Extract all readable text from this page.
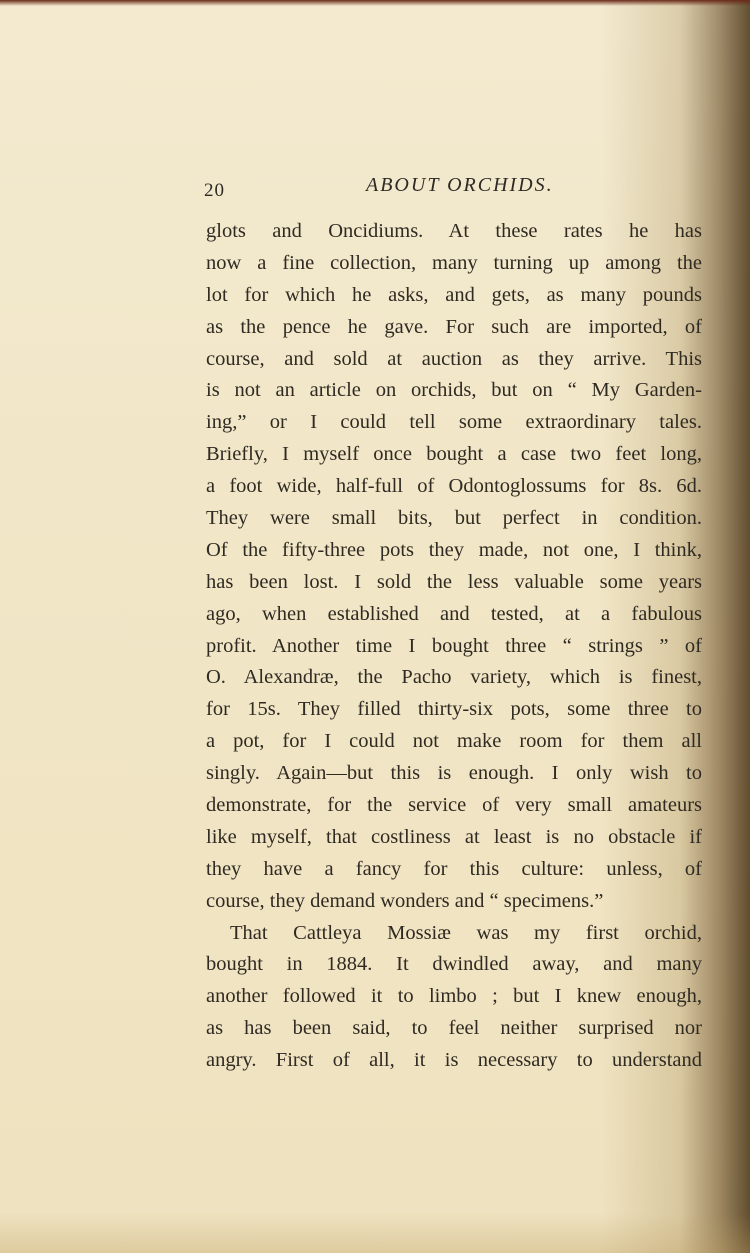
20	ABOUT ORCHIDS.
glots and Oncidiums. At these rates he has
now a fine collection, many turning up among the
lot for which he asks, and gets, as many pounds
as the pence he gave. For such are imported, of
course, and sold at auction as they arrive. This
is not an article on orchids, but on “ My Garden-
ing,” or I could tell some extraordinary tales.
Briefly, I myself once bought a case two feet long,
a foot wide, half-full of Odontoglossums for 8s. 6d.
They were small bits, but perfect in condition.
Of the fifty-three pots they made, not one, I think,
has been lost. I sold the less valuable some years
ago, when established and tested, at a fabulous
profit. Another time I bought three “ strings ” of
O. Alexandræ, the Pacho variety, which is finest,
for 15s. They filled thirty-six pots, some three to
a pot, for I could not make room for them all
singly. Again—but this is enough. I only wish to
demonstrate, for the service of very small amateurs
like myself, that costliness at least is no obstacle if
they have a fancy for this culture: unless, of
course, they demand wonders and “ specimens.”
That Cattleya Mossiæ was my first orchid,
bought in 1884. It dwindled away, and many
another followed it to limbo ; but I knew enough,
as has been said, to feel neither surprised nor
angry. First of all, it is necessary to understand
